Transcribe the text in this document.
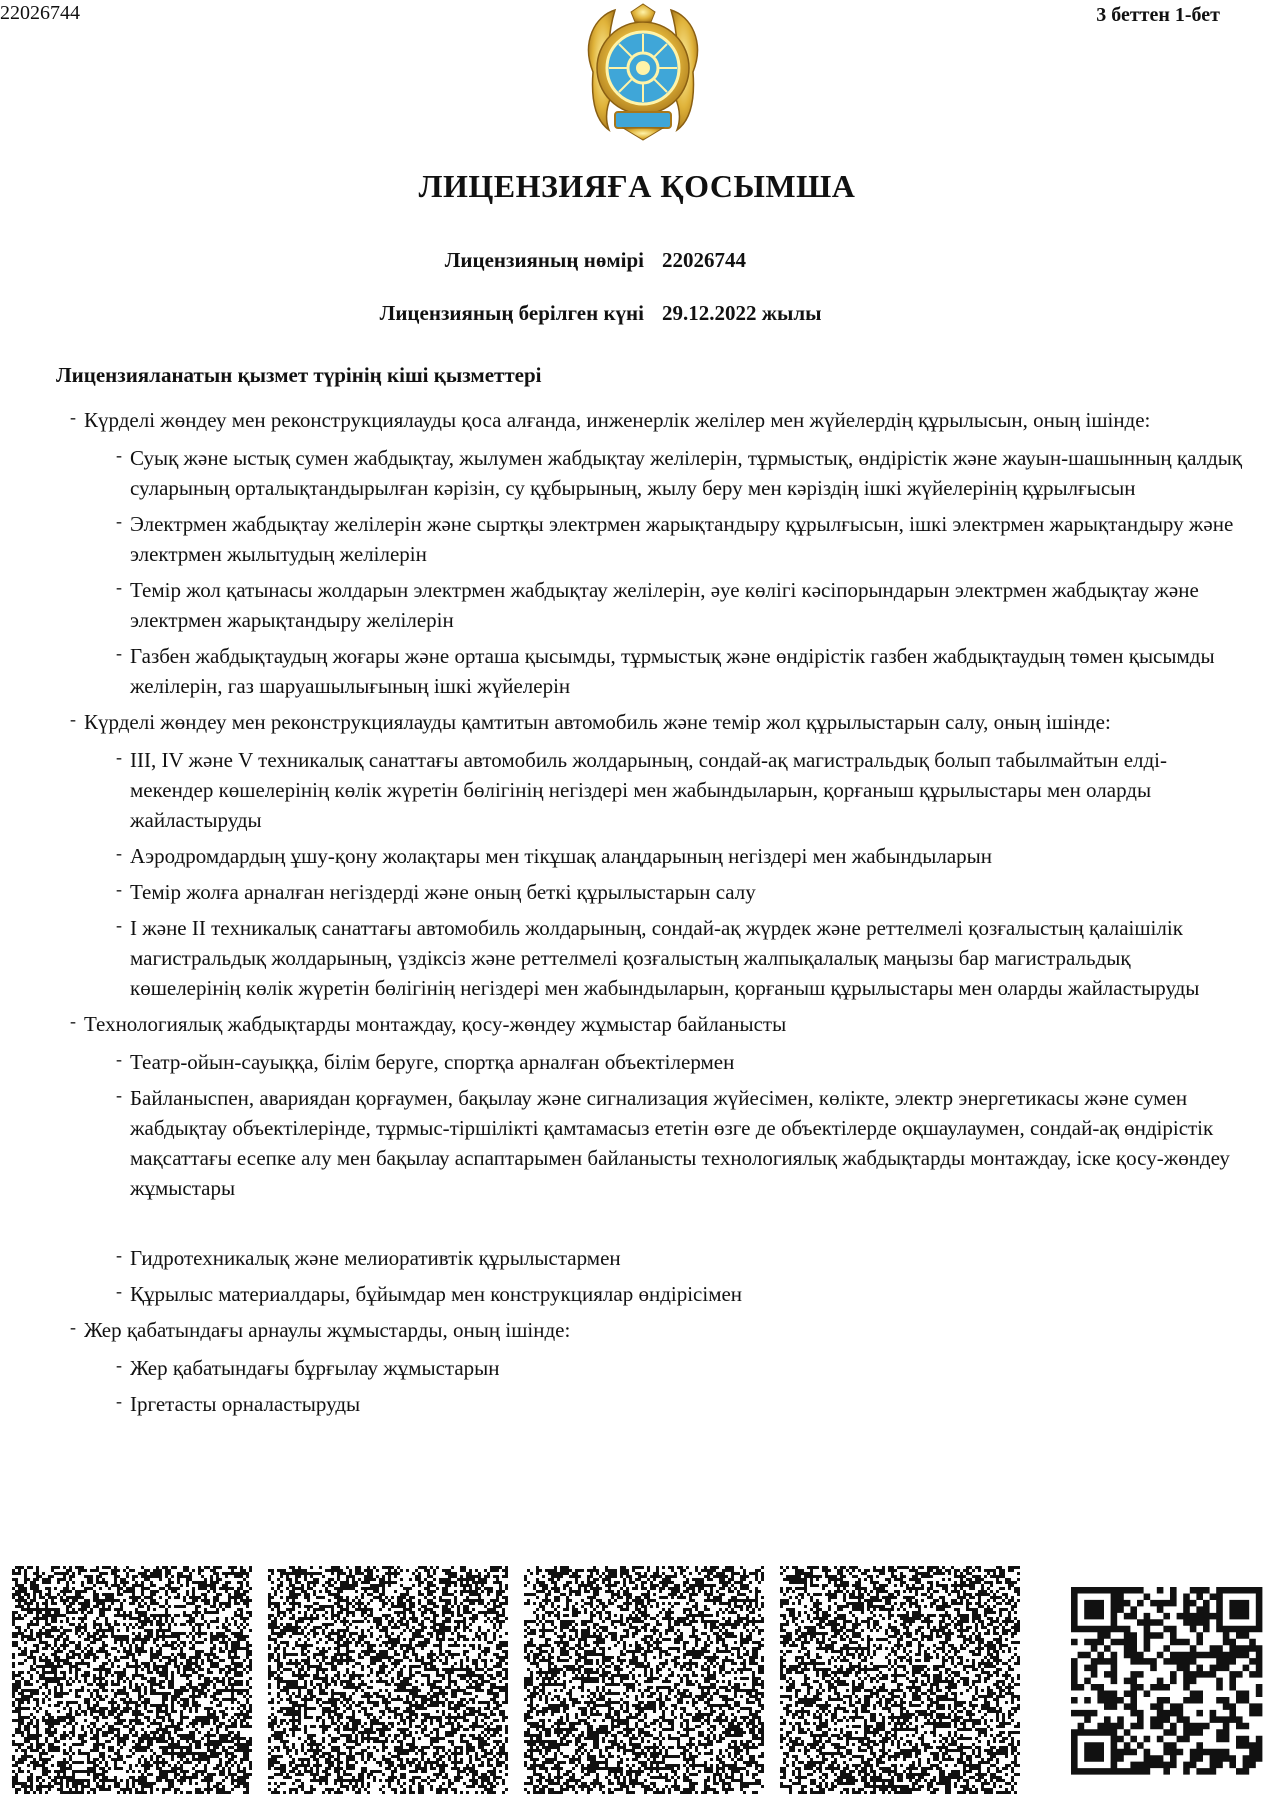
22026744	3 беттен 1-бет
ЛИЦЕНЗИЯҒА ҚОСЫМША
Лицензияның нөмірі 22026744
Лицензияның берілген күні 29.12.2022 жылы
Лицензияланатын қызмет түрінің кіші қызметтері
- Күрделі жөндеу мен реконструкциялауды қоса алғанда, инженерлік желілер мен жүйелердің құрылысын, оның ішінде:
- Суық және ыстық сумен жабдықтау, жылумен жабдықтау желілерін, тұрмыстық, өндірістік және жауын-шашынның қалдық суларының орталықтандырылған кәрізін, су құбырының, жылу беру мен кәріздің ішкі жүйелерінің құрылғысын
- Электрмен жабдықтау желілерін және сыртқы электрмен жарықтандыру құрылғысын, ішкі электрмен жарықтандыру және электрмен жылытудың желілерін
- Темір жол қатынасы жолдарын электрмен жабдықтау желілерін, әуе көлігі кәсіпорындарын электрмен жабдықтау және электрмен жарықтандыру желілерін
- Газбен жабдықтаудың жоғары және орташа қысымды, тұрмыстық және өндірістік газбен жабдықтаудың төмен қысымды желілерін, газ шаруашылығының ішкі жүйелерін
- Күрделі жөндеу мен реконструкциялауды қамтитын автомобиль және темір жол құрылыстарын салу, оның ішінде:
- III, IV және V техникалық санаттағы автомобиль жолдарының, сондай-ақ магистральдық болып табылмайтын елді-мекендер көшелерінің көлік жүретін бөлігінің негіздері мен жабындыларын, қорғаныш құрылыстары мен оларды жайластыруды
- Аэродромдардың ұшу-қону жолақтары мен тікұшақ алаңдарының негіздері мен жабындыларын
- Темір жолға арналған негіздерді және оның беткі құрылыстарын салу
- I және II техникалық санаттағы автомобиль жолдарының, сондай-ақ жүрдек және реттелмелі қозғалыстың қалаішілік магистральдық жолдарының, үздіксіз және реттелмелі қозғалыстың жалпықалалық маңызы бар магистральдық көшелерінің көлік жүретін бөлігінің негіздері мен жабындыларын, қорғаныш құрылыстары мен оларды жайластыруды
- Технологиялық жабдықтарды монтаждау, қосу-жөндеу жұмыстар байланысты
- Театр-ойын-сауыққа, білім беруге, спортқа арналған объектілермен
- Байланыспен, авариядан қорғаумен, бақылау және сигнализация жүйесімен, көлікте, электр энергетикасы және сумен жабдықтау объектілерінде, тұрмыс-тіршілікті қамтамасыз ететін өзге де объектілерде оқшаулаумен, сондай-ақ өндірістік мақсаттағы есепке алу мен бақылау аспаптарымен байланысты технологиялық жабдықтарды монтаждау, іске қосу-жөндеу жұмыстары
- Гидротехникалық және мелиоративтік құрылыстармен
- Құрылыс материалдары, бұйымдар мен конструкциялар өндірісімен
- Жер қабатындағы арнаулы жұмыстарды, оның ішінде:
- Жер қабатындағы бұрғылау жұмыстарын
- Іргетасты орналастыруды
